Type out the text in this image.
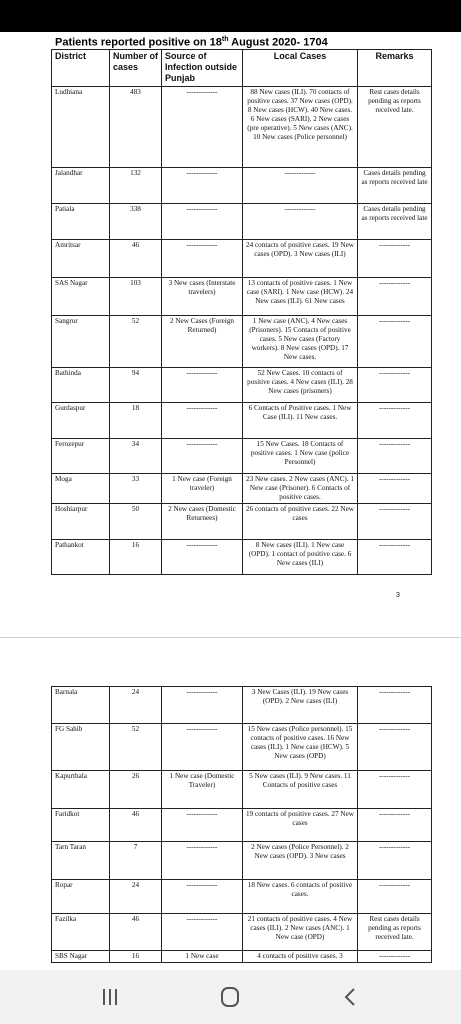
Patients reported positive on 18th August 2020- 1704
District	Number of cases	Source of Infection outside Punjab	Local Cases	Remarks
Ludhiana	483	-------------	88 New cases (ILI). 70 contacts of positive cases. 37 New cases (OPD). 8 New cases (HCW). 40 New cases. 6 New cases (SARI). 2 New cases (pre operative). 5 New cases (ANC). 10 New cases (Police personnel)	Rest cases details pending as reports received late.
Jalandhar	132	-------------	-------------	Cases details pending as reports received late
Patiala	338	-------------	-------------	Cases details pending as reports received late
Amritsar	46	-------------	24 contacts of positive cases. 19 New cases (OPD). 3 New cases (ILI)	-------------
SAS Nagar	103	3 New cases (Interstate travelers)	13 contacts of positive cases. 1 New case (SARI). 1 New case (HCW). 24 New cases (ILI). 61 New cases	-------------
Sangrur	52	2 New Cases (Foreign Returned)	1 New case (ANC). 4 New cases (Prisoners). 15 Contacts of positive cases. 5 New cases (Factory workers). 8 New cases (OPD). 17 New cases.	-------------
Bathinda	94	-------------	52 New Cases. 10 contacts of positive cases. 4 New cases (ILI). 28 New cases (prisoners)	-------------
Gurdaspur	18	-------------	6 Contacts of Positive cases. 1 New Case (ILI). 11 New cases.	-------------
Ferozepur	34	-------------	15 New Cases. 18 Contacts of positive cases. 1 New case (police Personnel)	-------------
Moga	33	1 New case (Foreign traveler)	23 New cases. 2 New cases (ANC). 1 New case (Prisoner). 6 Contacts of positive cases.	-------------
Hoshiarpur	50	2 New cases (Domestic Returnees)	26 contacts of positive cases. 22 New cases	-------------
Pathankot	16	-------------	8 New cases (ILI). 1 New case (OPD). 1 contact of positive case. 6 New cases (ILI)	-------------
3
Barnala	24	-------------	3 New Cases (ILI). 19 New cases (OPD). 2 New cases (ILI)	-------------
FG Sahib	52	-------------	15 New cases (Police personnel). 15 contacts of positive cases. 16 New cases (ILI). 1 New case (HCW). 5 New cases (OPD)	-------------
Kapurthala	26	1 New case (Domestic Traveler)	5 New cases (ILI). 9 New cases. 11 Contacts of positive cases	-------------
Faridkot	46	-------------	19 contacts of positive cases. 27 New cases	-------------
Tarn Taran	7	-------------	2 New cases (Police Personnel). 2 New cases (OPD). 3 New cases	-------------
Ropar	24	-------------	18 New cases. 6 contacts of positive cases.	-------------
Fazilka	46	-------------	21 contacts of positive cases. 4 New cases (ILI). 2 New cases (ANC). 1 New case (OPD)	Rest cases details pending as reports received late.
SBS Nagar	16	1 New case	4 contacts of positive cases. 3	-------------
